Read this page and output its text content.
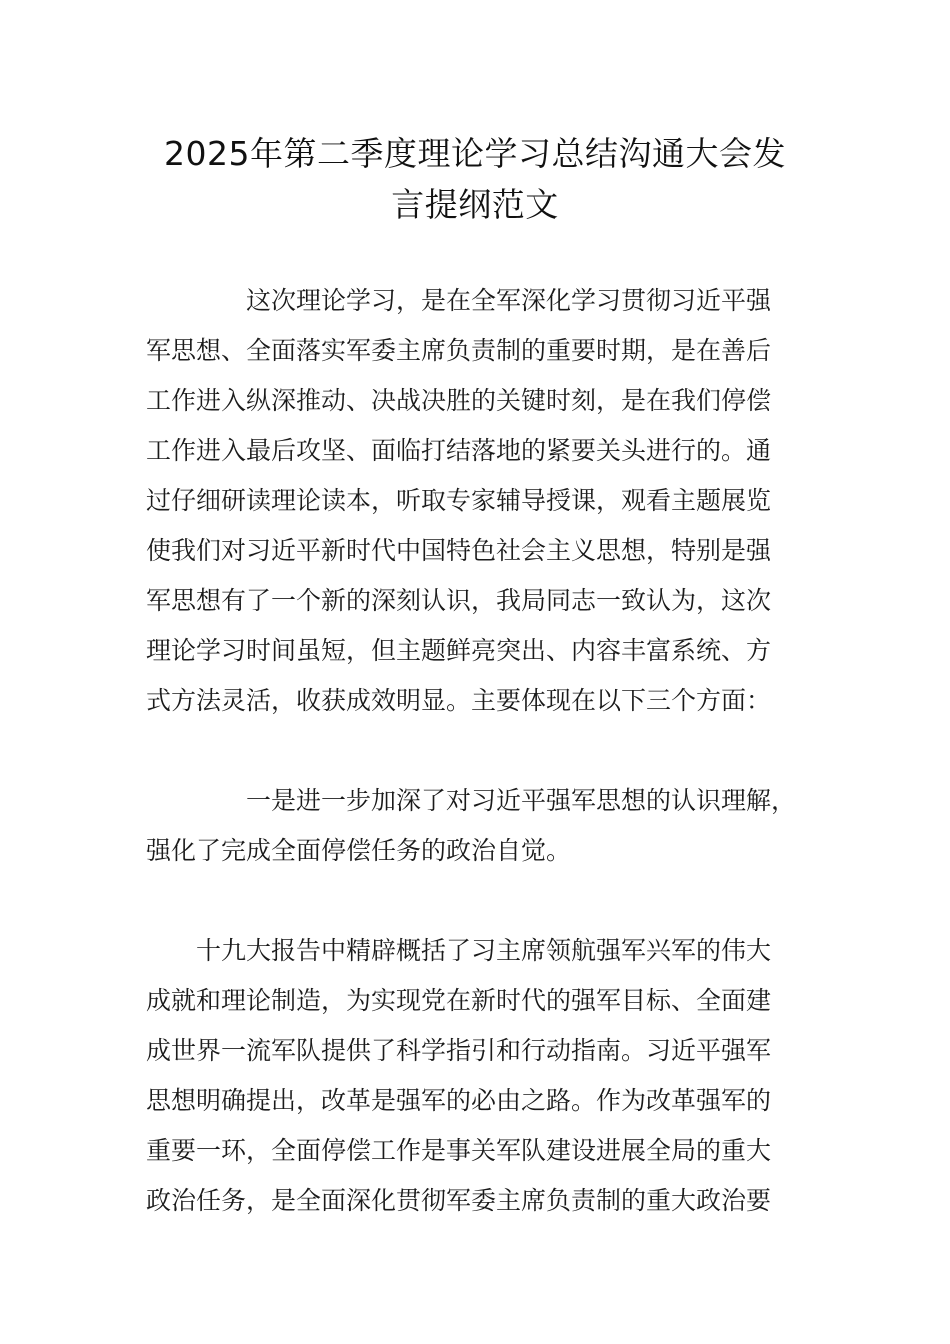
2025年第二季度理论学习总结沟通大会发
言提纲范文
这次理论学习，是在全军深化学习贯彻习近平强
军思想、全面落实军委主席负责制的重要时期，是在善后
工作进入纵深推动、决战决胜的关键时刻，是在我们停偿
工作进入最后攻坚、面临打结落地的紧要关头进行的。通
过仔细研读理论读本，听取专家辅导授课，观看主题展览
使我们对习近平新时代中国特色社会主义思想，特别是强
军思想有了一个新的深刻认识，我局同志一致认为，这次
理论学习时间虽短，但主题鲜亮突出、内容丰富系统、方
式方法灵活，收获成效明显。主要体现在以下三个方面：
一是进一步加深了对习近平强军思想的认识理解，
强化了完成全面停偿任务的政治自觉。
十九大报告中精辟概括了习主席领航强军兴军的伟大
成就和理论制造，为实现党在新时代的强军目标、全面建
成世界一流军队提供了科学指引和行动指南。习近平强军
思想明确提出，改革是强军的必由之路。作为改革强军的
重要一环，全面停偿工作是事关军队建设进展全局的重大
政治任务，是全面深化贯彻军委主席负责制的重大政治要
